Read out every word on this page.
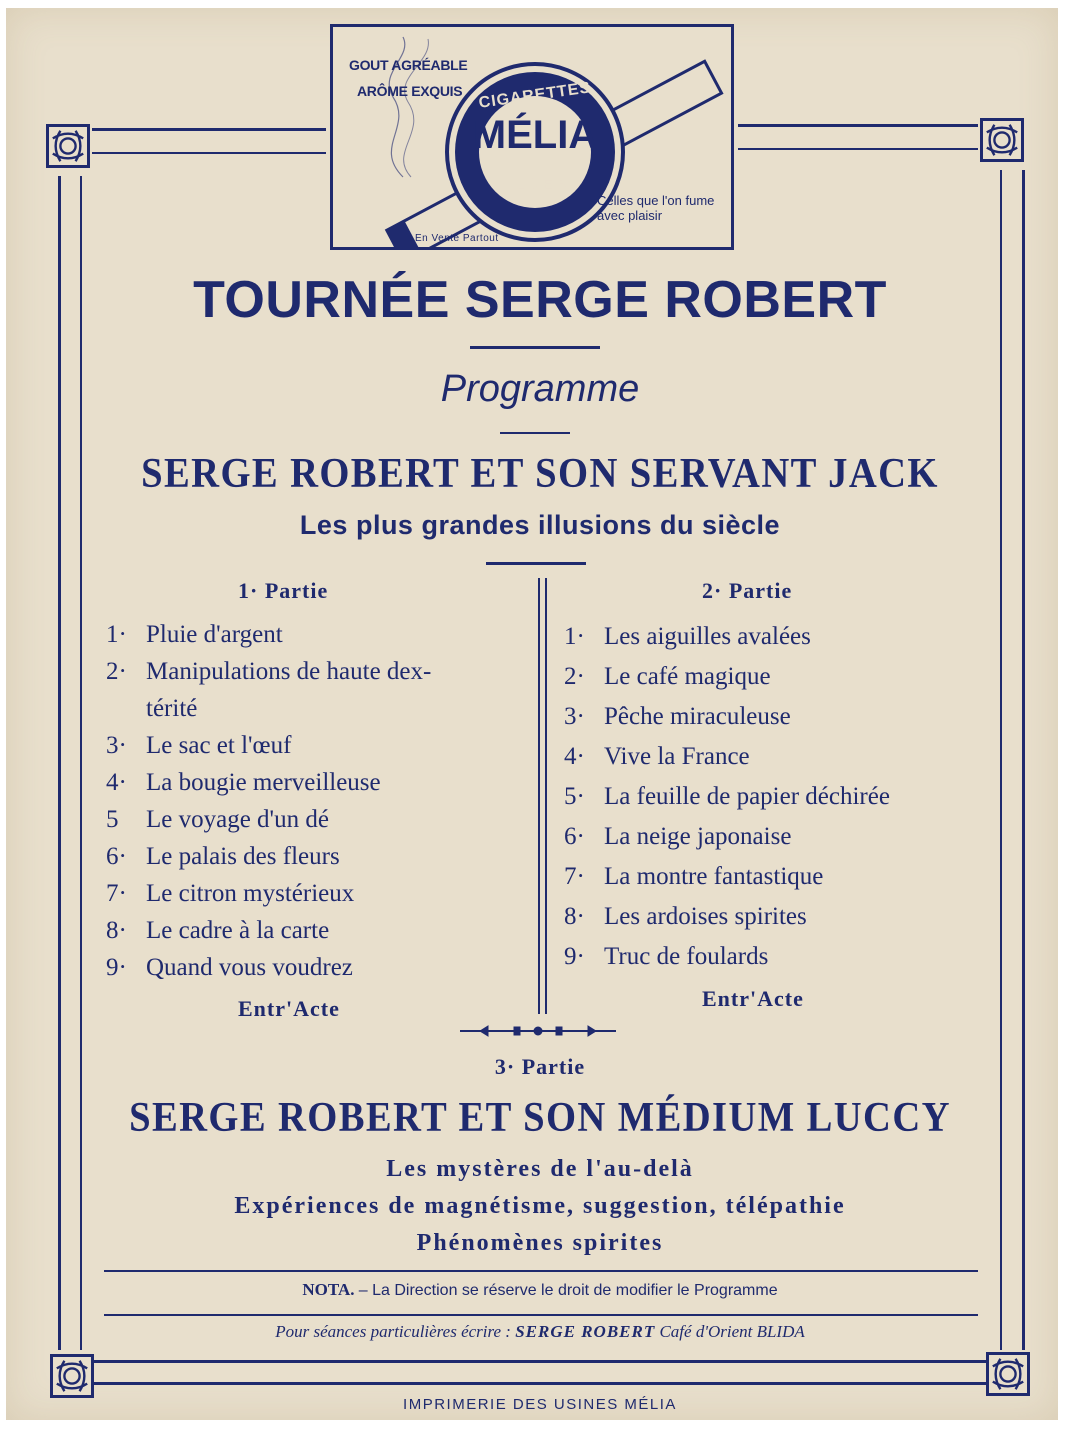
GOUT AGRÉABLE
ARÔME EXQUIS CIGARETTES
MÉLIA
ALGER
Celles que l'on fume avec plaisir
En Vente Partout
TOURNÉE SERGE ROBERT
Programme
SERGE ROBERT ET SON SERVANT JACK
Les plus grandes illusions du siècle
1· Partie
1· Pluie d'argent
2· Manipulations de haute dex-
térité
3· Le sac et l'œuf
4· La bougie merveilleuse
5	Le voyage d'un dé
6· Le palais des fleurs
7· Le citron mystérieux
8· Le cadre à la carte
9· Quand vous voudrez
Entr'Acte
2· Partie
1· Les aiguilles avalées
2· Le café magique
3· Pêche miraculeuse
4· Vive la France
5· La feuille de papier déchirée
6· La neige japonaise
7· La montre fantastique
8· Les ardoises spirites
9· Truc de foulards
Entr'Acte
3· Partie
SERGE ROBERT ET SON MÉDIUM LUCCY
Les mystères de l'au-delà
Expériences de magnétisme, suggestion, télépathie
Phénomènes spirites
NOTA. – La Direction se réserve le droit de modifier le Programme
Pour séances particulières écrire : SERGE ROBERT Café d'Orient BLIDA
IMPRIMERIE DES USINES MÉLIA
